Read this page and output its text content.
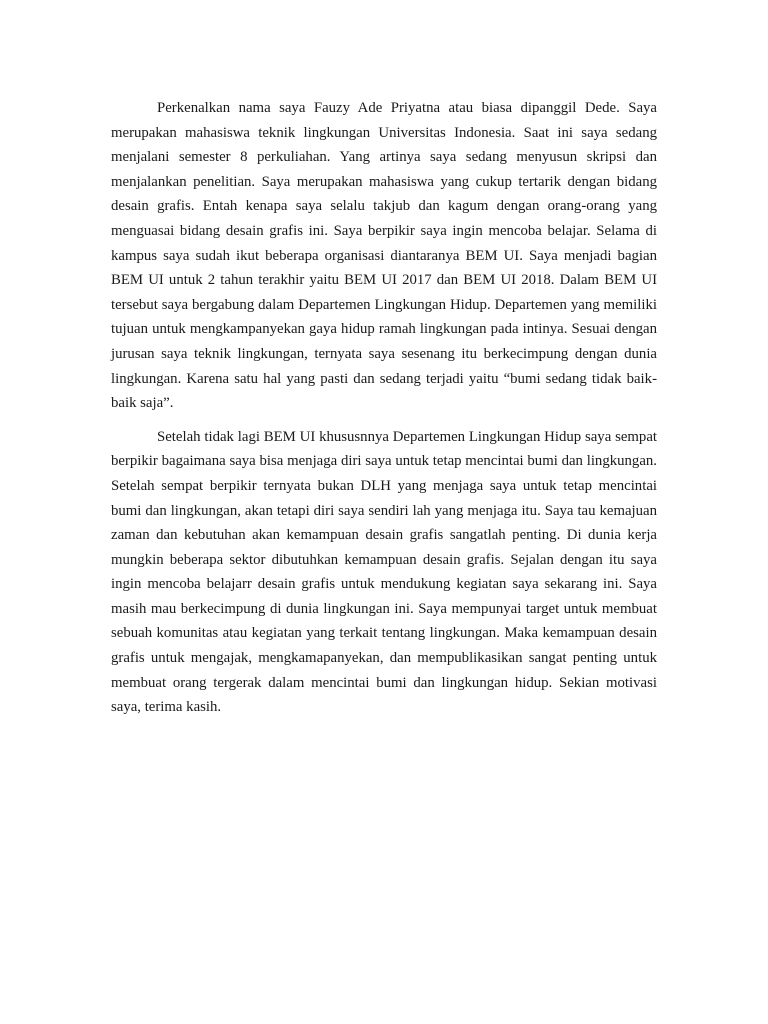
Perkenalkan nama saya Fauzy Ade Priyatna atau biasa dipanggil Dede. Saya merupakan mahasiswa teknik lingkungan Universitas Indonesia. Saat ini saya sedang menjalani semester 8 perkuliahan. Yang artinya saya sedang menyusun skripsi dan menjalankan penelitian. Saya merupakan mahasiswa yang cukup tertarik dengan bidang desain grafis. Entah kenapa saya selalu takjub dan kagum dengan orang-orang yang menguasai bidang desain grafis ini. Saya berpikir saya ingin mencoba belajar. Selama di kampus saya sudah ikut beberapa organisasi diantaranya BEM UI. Saya menjadi bagian BEM UI untuk 2 tahun terakhir yaitu BEM UI 2017 dan BEM UI 2018. Dalam BEM UI tersebut saya bergabung dalam Departemen Lingkungan Hidup. Departemen yang memiliki tujuan untuk mengkampanyekan gaya hidup ramah lingkungan pada intinya. Sesuai dengan jurusan saya teknik lingkungan, ternyata saya sesenang itu berkecimpung dengan dunia lingkungan. Karena satu hal yang pasti dan sedang terjadi yaitu “bumi sedang tidak baik-baik saja”.

Setelah tidak lagi BEM UI khususnnya Departemen Lingkungan Hidup saya sempat berpikir bagaimana saya bisa menjaga diri saya untuk tetap mencintai bumi dan lingkungan. Setelah sempat berpikir ternyata bukan DLH yang menjaga saya untuk tetap mencintai bumi dan lingkungan, akan tetapi diri saya sendiri lah yang menjaga itu. Saya tau kemajuan zaman dan kebutuhan akan kemampuan desain grafis sangatlah penting. Di dunia kerja mungkin beberapa sektor dibutuhkan kemampuan desain grafis. Sejalan dengan itu saya ingin mencoba belajarr desain grafis untuk mendukung kegiatan saya sekarang ini. Saya masih mau berkecimpung di dunia lingkungan ini. Saya mempunyai target untuk membuat sebuah komunitas atau kegiatan yang terkait tentang lingkungan. Maka kemampuan desain grafis untuk mengajak, mengkamapanyekan, dan mempublikasikan sangat penting untuk membuat orang tergerak dalam mencintai bumi dan lingkungan hidup. Sekian motivasi saya, terima kasih.
